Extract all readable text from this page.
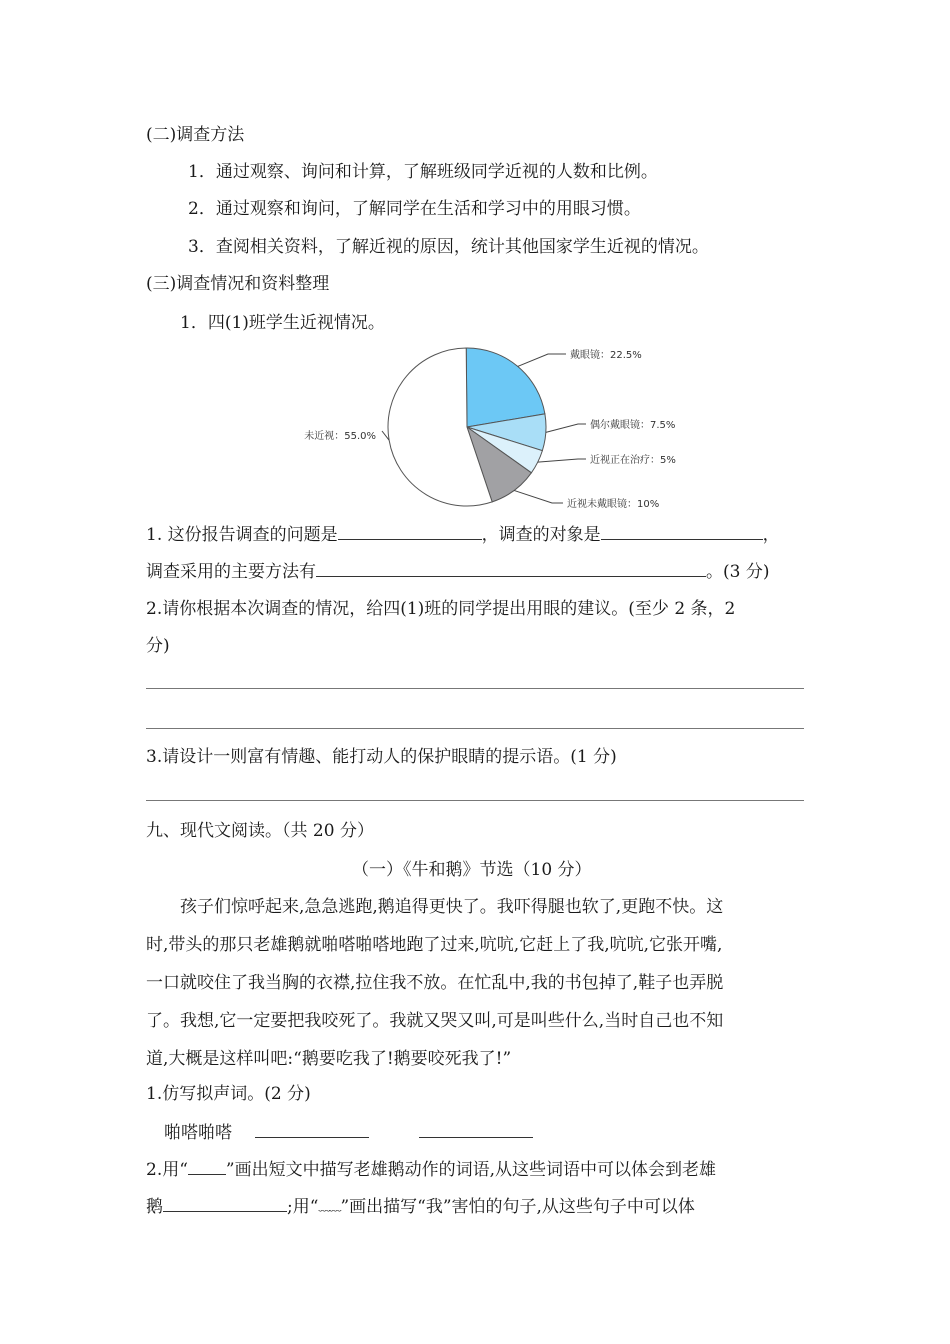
(二)调查方法
1．通过观察、询问和计算，了解班级同学近视的人数和比例。
2．通过观察和询问，了解同学在生活和学习中的用眼习惯。
3．查阅相关资料，了解近视的原因，统计其他国家学生近视的情况。
(三)调查情况和资料整理
1．四(1)班学生近视情况。
戴眼镜：22.5%
偶尔戴眼镜：7.5%
近视正在治疗：5%
近视未戴眼镜：10%
未近视：55.0%
1. 这份报告调查的问题是	，调查的对象是	，
调查采用的主要方法有	。(3 分)
2.请你根据本次调查的情况，给四(1)班的同学提出用眼的建议。(至少 2 条，2
分)
3.请设计一则富有情趣、能打动人的保护眼睛的提示语。(1 分)
九、现代文阅读。（共 20 分）
（一）《牛和鹅》节选（10 分）
孩子们惊呼起来,急急逃跑,鹅追得更快了。我吓得腿也软了,更跑不快。这
时,带头的那只老雄鹅就啪嗒啪嗒地跑了过来,吭吭,它赶上了我,吭吭,它张开嘴,
一口就咬住了我当胸的衣襟,拉住我不放。在忙乱中,我的书包掉了,鞋子也弄脱
了。我想,它一定要把我咬死了。我就又哭又叫,可是叫些什么,当时自己也不知
道,大概是这样叫吧:“鹅要吃我了!鹅要咬死我了!”
1.仿写拟声词。(2 分)
啪嗒啪嗒
2.用“ ”画出短文中描写老雄鹅动作的词语,从这些词语中可以体会到老雄
鹅	;用“﹏﹏”画出描写“我”害怕的句子,从这些句子中可以体
